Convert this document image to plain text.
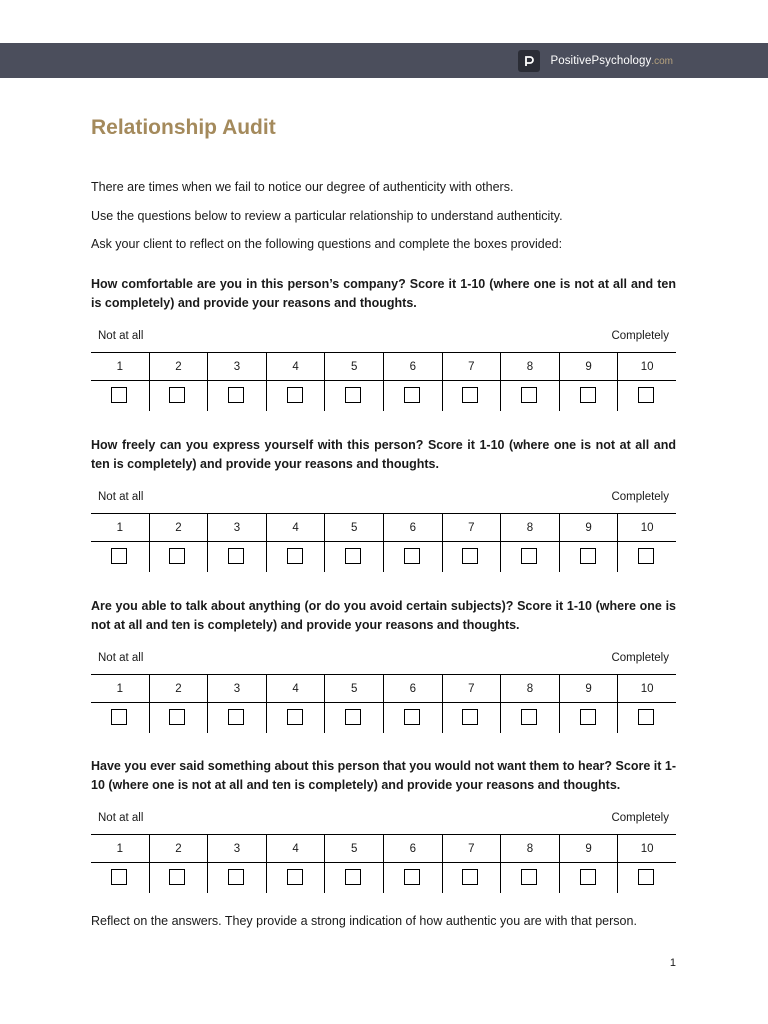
PositivePsychology .com
Relationship Audit

There are times when we fail to notice our degree of authenticity with others.

Use the questions below to review a particular relationship to understand authenticity.

Ask your client to reflect on the following questions and complete the boxes provided:

How comfortable are you in this person’s company? Score it 1-10 (where one is not at all and ten is completely) and provide your reasons and thoughts.

Not at all	Completely
1	2	3	4	5	6	7	8	9	10

How freely can you express yourself with this person? Score it 1-10 (where one is not at all and ten is completely) and provide your reasons and thoughts.

Not at all	Completely
1	2	3	4	5	6	7	8	9	10

Are you able to talk about anything (or do you avoid certain subjects)? Score it 1-10 (where one is not at all and ten is completely) and provide your reasons and thoughts.

Not at all	Completely
1	2	3	4	5	6	7	8	9	10

Have you ever said something about this person that you would not want them to hear? Score it 1-10 (where one is not at all and ten is completely) and provide your reasons and thoughts.

Not at all	Completely
1	2	3	4	5	6	7	8	9	10

Reflect on the answers. They provide a strong indication of how authentic you are with that person.

1
